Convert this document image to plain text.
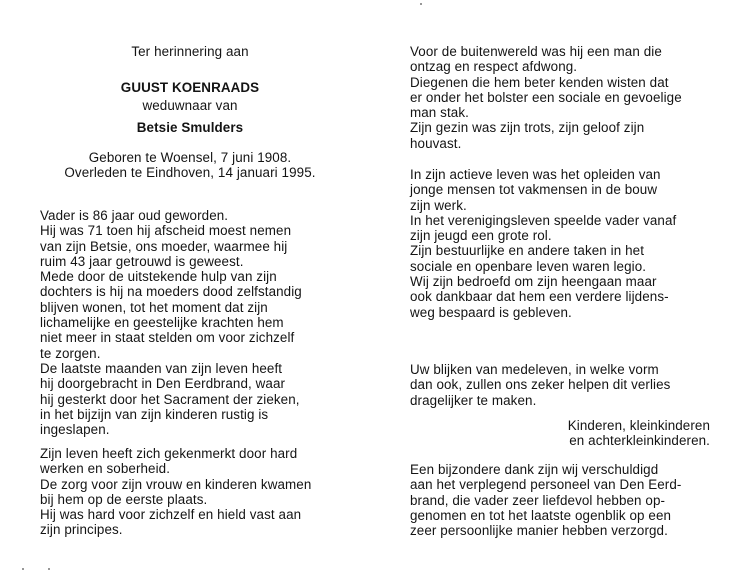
Ter herinnering aan
GUUST KOENRAADS
weduwnaar van
Betsie Smulders
Geboren te Woensel, 7 juni 1908.
Overleden te Eindhoven, 14 januari 1995.
Vader is 86 jaar oud geworden.
Hij was 71 toen hij afscheid moest nemen
van zijn Betsie, ons moeder, waarmee hij
ruim 43 jaar getrouwd is geweest.
Mede door de uitstekende hulp van zijn
dochters is hij na moeders dood zelfstandig
blijven wonen, tot het moment dat zijn
lichamelijke en geestelijke krachten hem
niet meer in staat stelden om voor zichzelf
te zorgen.
De laatste maanden van zijn leven heeft
hij doorgebracht in Den Eerdbrand, waar
hij gesterkt door het Sacrament der zieken,
in het bijzijn van zijn kinderen rustig is
ingeslapen.
Zijn leven heeft zich gekenmerkt door hard
werken en soberheid.
De zorg voor zijn vrouw en kinderen kwamen
bij hem op de eerste plaats.
Hij was hard voor zichzelf en hield vast aan
zijn principes.
Voor de buitenwereld was hij een man die
ontzag en respect afdwong.
Diegenen die hem beter kenden wisten dat
er onder het bolster een sociale en gevoelige
man stak.
Zijn gezin was zijn trots, zijn geloof zijn
houvast.
In zijn actieve leven was het opleiden van
jonge mensen tot vakmensen in de bouw
zijn werk.
In het verenigingsleven speelde vader vanaf
zijn jeugd een grote rol.
Zijn bestuurlijke en andere taken in het
sociale en openbare leven waren legio.
Wij zijn bedroefd om zijn heengaan maar
ook dankbaar dat hem een verdere lijdens-
weg bespaard is gebleven.
Uw blijken van medeleven, in welke vorm
dan ook, zullen ons zeker helpen dit verlies
dragelijker te maken.
Kinderen, kleinkinderen
en achterkleinkinderen.
Een bijzondere dank zijn wij verschuldigd
aan het verplegend personeel van Den Eerd-
brand, die vader zeer liefdevol hebben op-
genomen en tot het laatste ogenblik op een
zeer persoonlijke manier hebben verzorgd.
